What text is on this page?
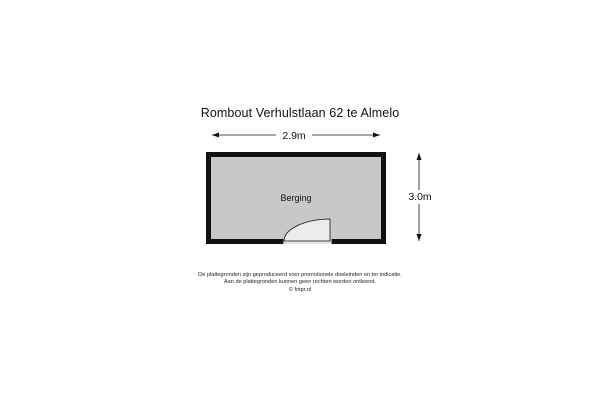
Rombout Verhulstlaan 62 te Almelo
2.9m
3.0m
Berging
De plattegronden zijn geproduceerd voor promotionele doeleinden en ter indicatie.
Aan de plattegronden kunnen geen rechten worden ontleend.
© fotpr.nl
